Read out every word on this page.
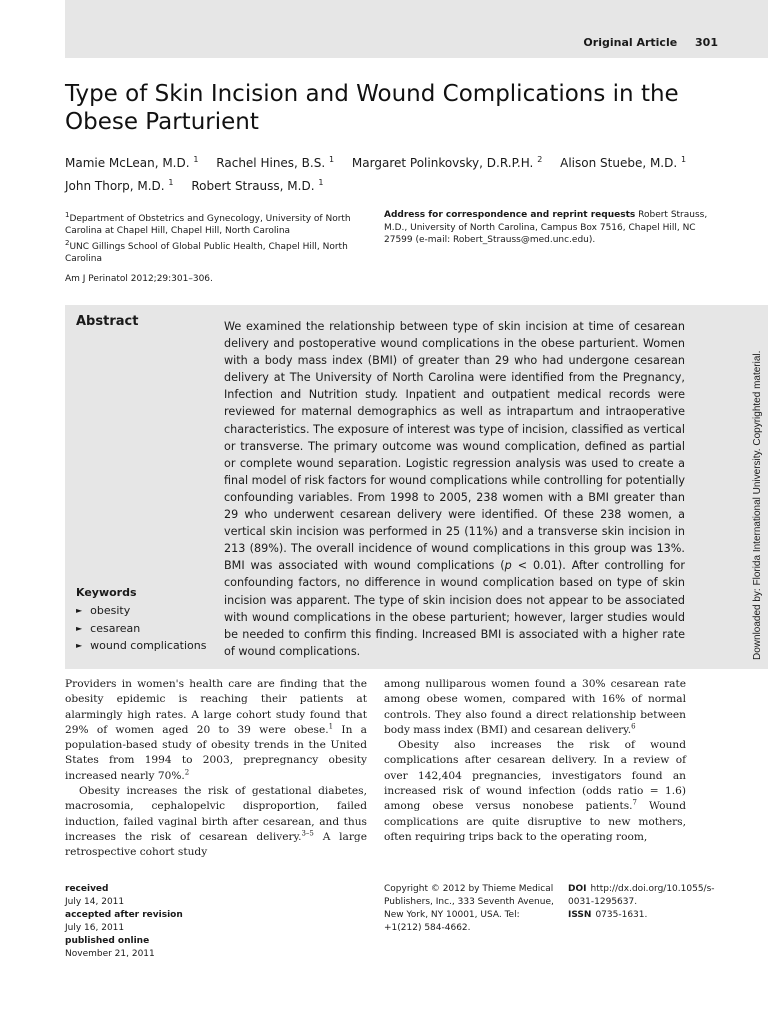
Original Article 301
Type of Skin Incision and Wound Complications in the Obese Parturient
Mamie McLean, M.D. $^1$ Rachel Hines, B.S. $^1$ Margaret Polinkovsky, D.R.P.H. $^2$ Alison Stuebe, M.D. $^1$
John Thorp, M.D. $^1$ Robert Strauss, M.D. $^1$
$^1$Department of Obstetrics and Gynecology, University of North Carolina at Chapel Hill, Chapel Hill, North Carolina
$^2$UNC Gillings School of Global Public Health, Chapel Hill, North Carolina
Address for correspondence and reprint requests Robert Strauss, M.D., University of North Carolina, Campus Box 7516, Chapel Hill, NC 27599 (e-mail: Robert_Strauss@med.unc.edu).
Am J Perinatol 2012;29:301–306.
Abstract	We examined the relationship between type of skin incision at time of cesarean delivery and postoperative wound complications in the obese parturient. Women with a body mass index (BMI) of greater than 29 who had undergone cesarean delivery at The University of North Carolina were identified from the Pregnancy, Infection and Nutrition study. Inpatient and outpatient medical records were reviewed for maternal demographics as well as intrapartum and intraoperative characteristics. The exposure of interest was type of incision, classified as vertical or transverse. The primary outcome was wound complication, defined as partial or complete wound separation. Logistic regression analysis was used to create a final model of risk factors for wound complications while controlling for potentially confounding variables. From 1998 to 2005, 238 women with a BMI greater than 29 who underwent cesarean delivery were identified. Of these 238 women, a vertical skin incision was performed in 25 (11%) and a transverse skin incision in 213 (89%). The overall incidence of wound complications in this group was 13%. BMI was associated with wound complications (p < 0.01). After controlling for confounding factors, no difference in wound complication based on type of skin incision was apparent. The type of skin incision does not appear to be associated with wound complications in the obese parturient; however, larger studies would be needed to confirm this finding. Increased BMI is associated with a higher rate of wound complications.
Keywords
► obesity
► cesarean
► wound complications	Downloaded by: Florida International University. Copyrighted material.

Providers in women's health care are finding that the obesity epidemic is reaching their patients at alarmingly high rates. A large cohort study found that 29% of women aged 20 to 39 were obese.$^1$ In a population-based study of obesity trends in the United States from 1994 to 2003, prepregnancy obesity increased nearly 70%.$^2$

Obesity increases the risk of gestational diabetes, macrosomia, cephalopelvic disproportion, failed induction, failed vaginal birth after cesarean, and thus increases the risk of cesarean delivery.$^{3-5}$ A large retrospective cohort study

among nulliparous women found a 30% cesarean rate among obese women, compared with 16% of normal controls. They also found a direct relationship between body mass index (BMI) and cesarean delivery.$^6$

Obesity also increases the risk of wound complications after cesarean delivery. In a review of over 142,404 pregnancies, investigators found an increased risk of wound infection (odds ratio = 1.6) among obese versus nonobese patients.$^7$ Wound complications are quite disruptive to new mothers, often requiring trips back to the operating room,

received
July 14, 2011
accepted after revision
July 16, 2011
published online
November 21, 2011
Copyright © 2012 by Thieme Medical Publishers, Inc., 333 Seventh Avenue, New York, NY 10001, USA. Tel: +1(212) 584-4662.
DOI http://dx.doi.org/10.1055/s-0031-1295637.
ISSN 0735-1631.
